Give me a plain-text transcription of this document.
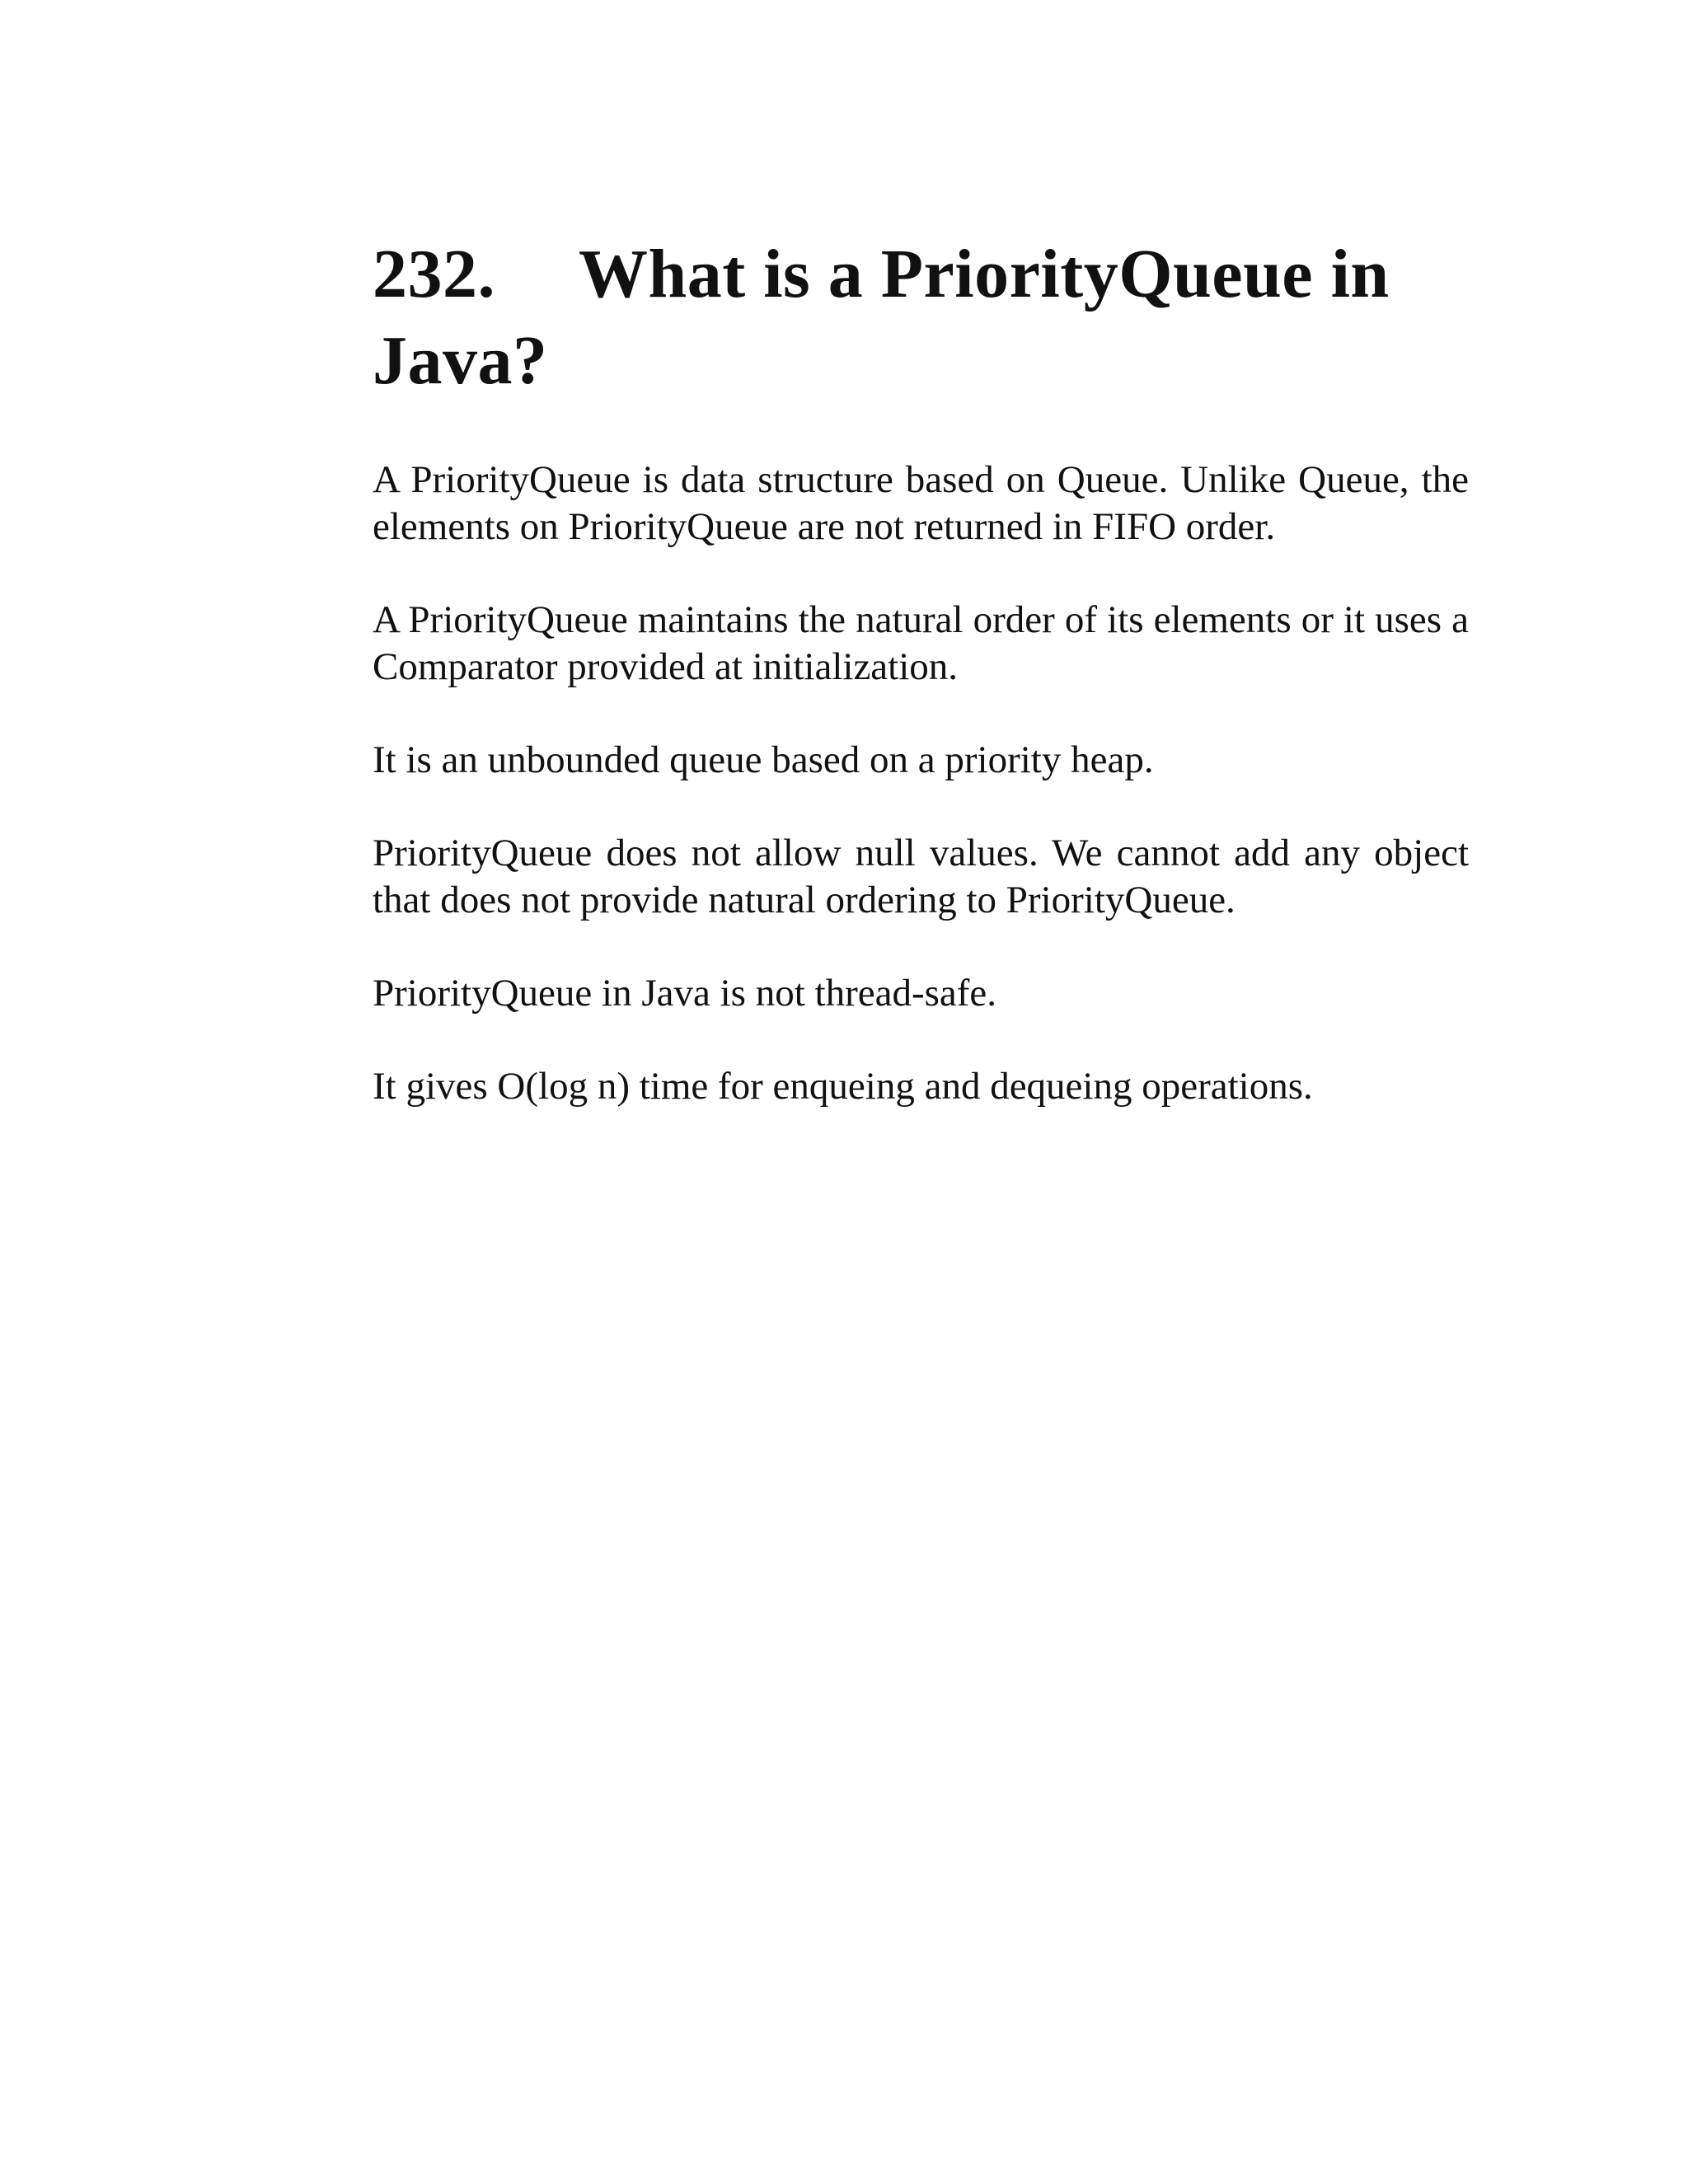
232. What is a PriorityQueue in Java?

A PriorityQueue is data structure based on Queue. Unlike Queue, the elements on PriorityQueue are not returned in FIFO order.

A PriorityQueue maintains the natural order of its elements or it uses a Comparator provided at initialization.

It is an unbounded queue based on a priority heap.

PriorityQueue does not allow null values. We cannot add any object that does not provide natural ordering to PriorityQueue.

PriorityQueue in Java is not thread-safe.

It gives O(log n) time for enqueing and dequeing operations.
